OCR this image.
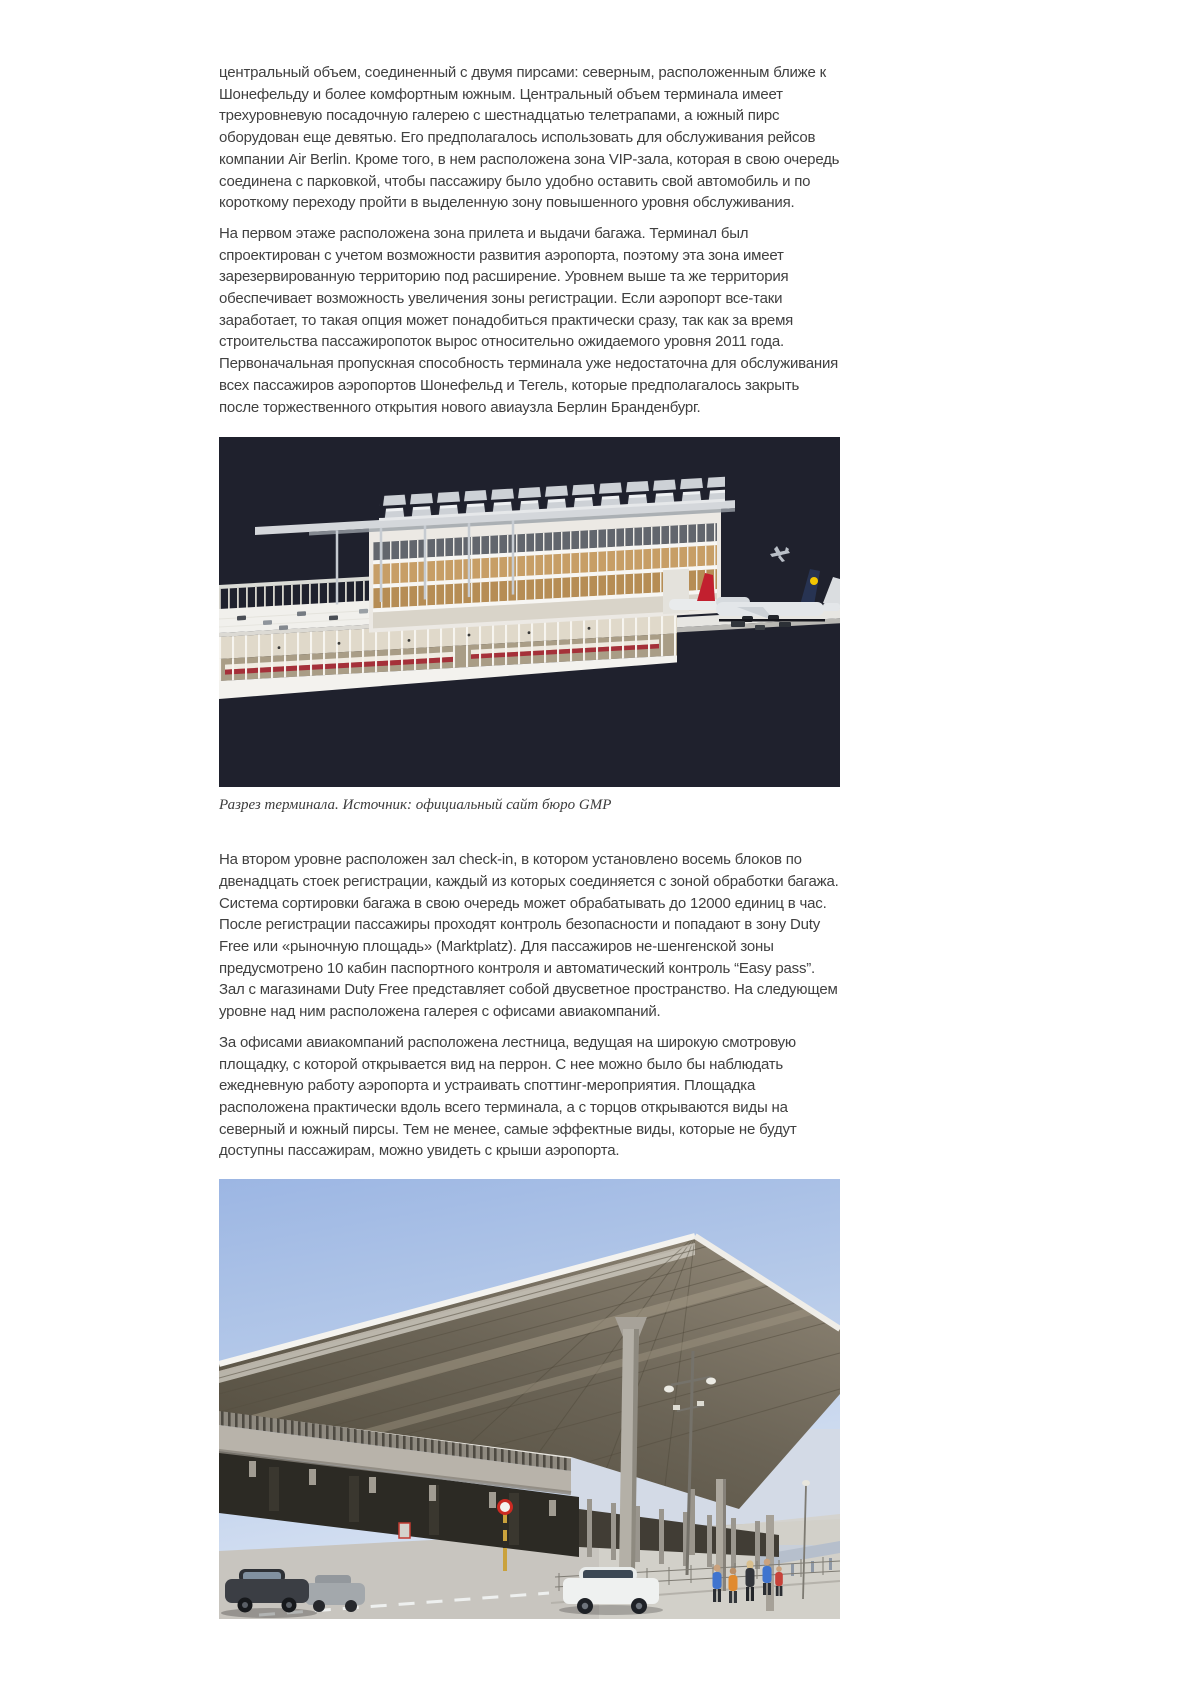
центральный объем, соединенный с двумя пирсами: северным, расположенным ближе к Шонефельду и более комфортным южным. Центральный объем терминала имеет трехуровневую посадочную галерею с шестнадцатью телетрапами, а южный пирс оборудован еще девятью. Его предполагалось использовать для обслуживания рейсов компании Air Berlin. Кроме того, в нем расположена зона VIP-зала, которая в свою очередь соединена с парковкой, чтобы пассажиру было удобно оставить свой автомобиль и по короткому переходу пройти в выделенную зону повышенного уровня обслуживания.

На первом этаже расположена зона прилета и выдачи багажа. Терминал был спроектирован с учетом возможности развития аэропорта, поэтому эта зона имеет зарезервированную территорию под расширение. Уровнем выше та же территория обеспечивает возможность увеличения зоны регистрации. Если аэропорт все-таки заработает, то такая опция может понадобиться практически сразу, так как за время строительства пассажиропоток вырос относительно ожидаемого уровня 2011 года. Первоначальная пропускная способность терминала уже недостаточна для обслуживания всех пассажиров аэропортов Шонефельд и Тегель, которые предполагалось закрыть после торжественного открытия нового авиаузла Берлин Бранденбург.

Разрез терминала. Источник: официальный сайт бюро GMP

На втором уровне расположен зал check-in, в котором установлено восемь блоков по двенадцать стоек регистрации, каждый из которых соединяется с зоной обработки багажа. Система сортировки багажа в свою очередь может обрабатывать до 12000 единиц в час. После регистрации пассажиры проходят контроль безопасности и попадают в зону Duty Free или «рыночную площадь» (Marktplatz). Для пассажиров не-шенгенской зоны предусмотрено 10 кабин паспортного контроля и автоматический контроль “Easy pass”. Зал с магазинами Duty Free представляет собой двусветное пространство. На следующем уровне над ним расположена галерея с офисами авиакомпаний.

За офисами авиакомпаний расположена лестница, ведущая на широкую смотровую площадку, с которой открывается вид на перрон. С нее можно было бы наблюдать ежедневную работу аэропорта и устраивать споттинг-мероприятия. Площадка расположена практически вдоль всего терминала, а с торцов открываются виды на северный и южный пирсы. Тем не менее, самые эффектные виды, которые не будут доступны пассажирам, можно увидеть с крыши аэропорта.
